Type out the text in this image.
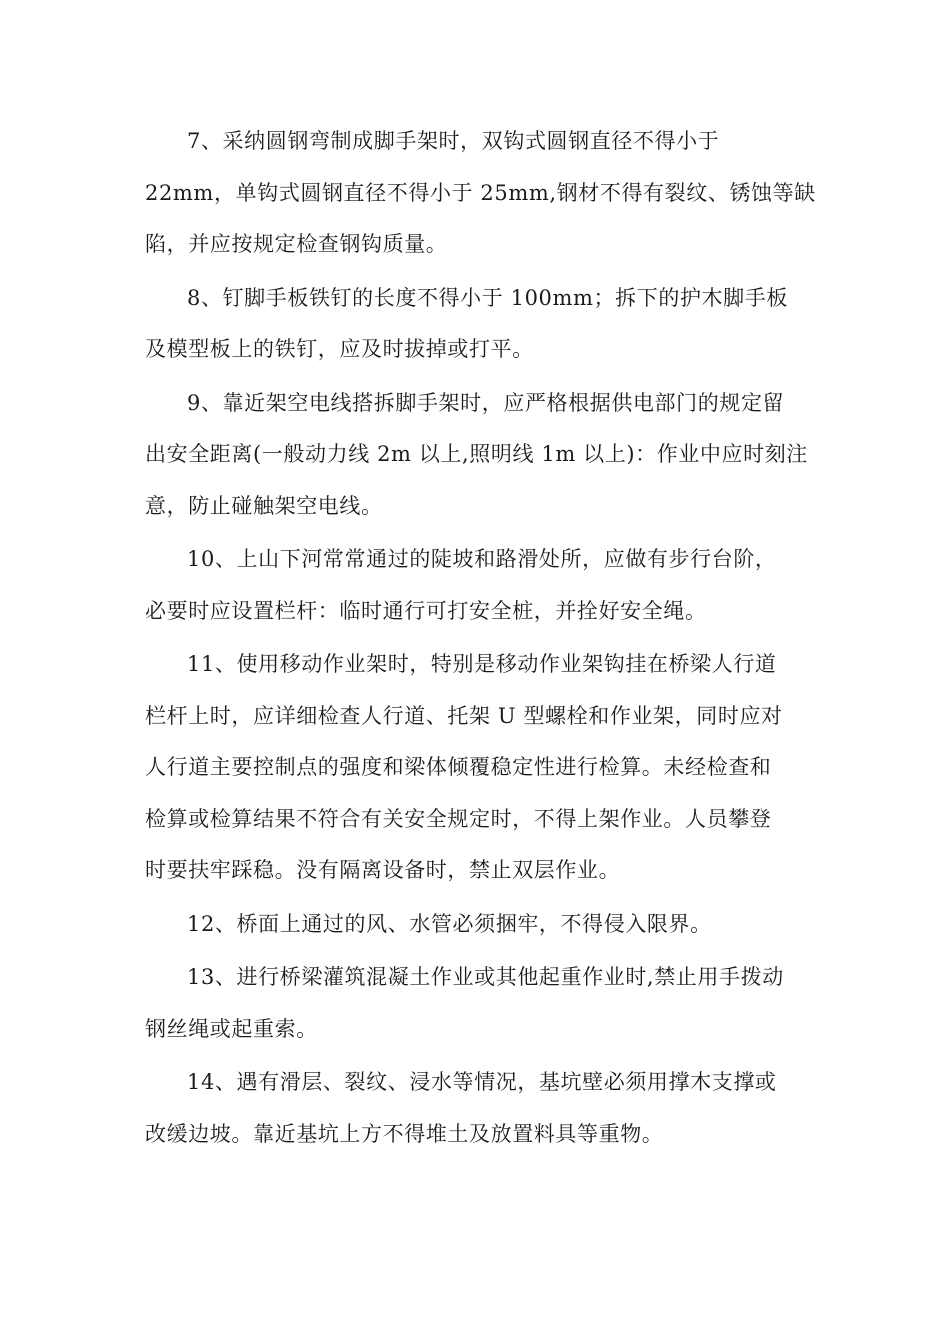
7、采纳圆钢弯制成脚手架时，双钩式圆钢直径不得小于
22mm，单钩式圆钢直径不得小于 25mm,钢材不得有裂纹、锈蚀等缺
陷，并应按规定检查钢钩质量。

8、钉脚手板铁钉的长度不得小于 100mm；拆下的护木脚手板
及模型板上的铁钉，应及时拔掉或打平。

9、靠近架空电线搭拆脚手架时，应严格根据供电部门的规定留
出安全距离(一般动力线 2m 以上,照明线 1m 以上)：作业中应时刻注
意，防止碰触架空电线。

10、上山下河常常通过的陡坡和路滑处所，应做有步行台阶，
必要时应设置栏杆：临时通行可打安全桩，并拴好安全绳。

11、使用移动作业架时，特别是移动作业架钩挂在桥梁人行道
栏杆上时，应详细检查人行道、托架 U 型螺栓和作业架，同时应对
人行道主要控制点的强度和梁体倾覆稳定性进行检算。未经检查和
检算或检算结果不符合有关安全规定时，不得上架作业。人员攀登
时要扶牢踩稳。没有隔离设备时，禁止双层作业。

12、桥面上通过的风、水管必须捆牢，不得侵入限界。

13、进行桥梁灌筑混凝土作业或其他起重作业时,禁止用手拨动
钢丝绳或起重索。

14、遇有滑层、裂纹、浸水等情况，基坑壁必须用撑木支撑或
改缓边坡。靠近基坑上方不得堆土及放置料具等重物。
